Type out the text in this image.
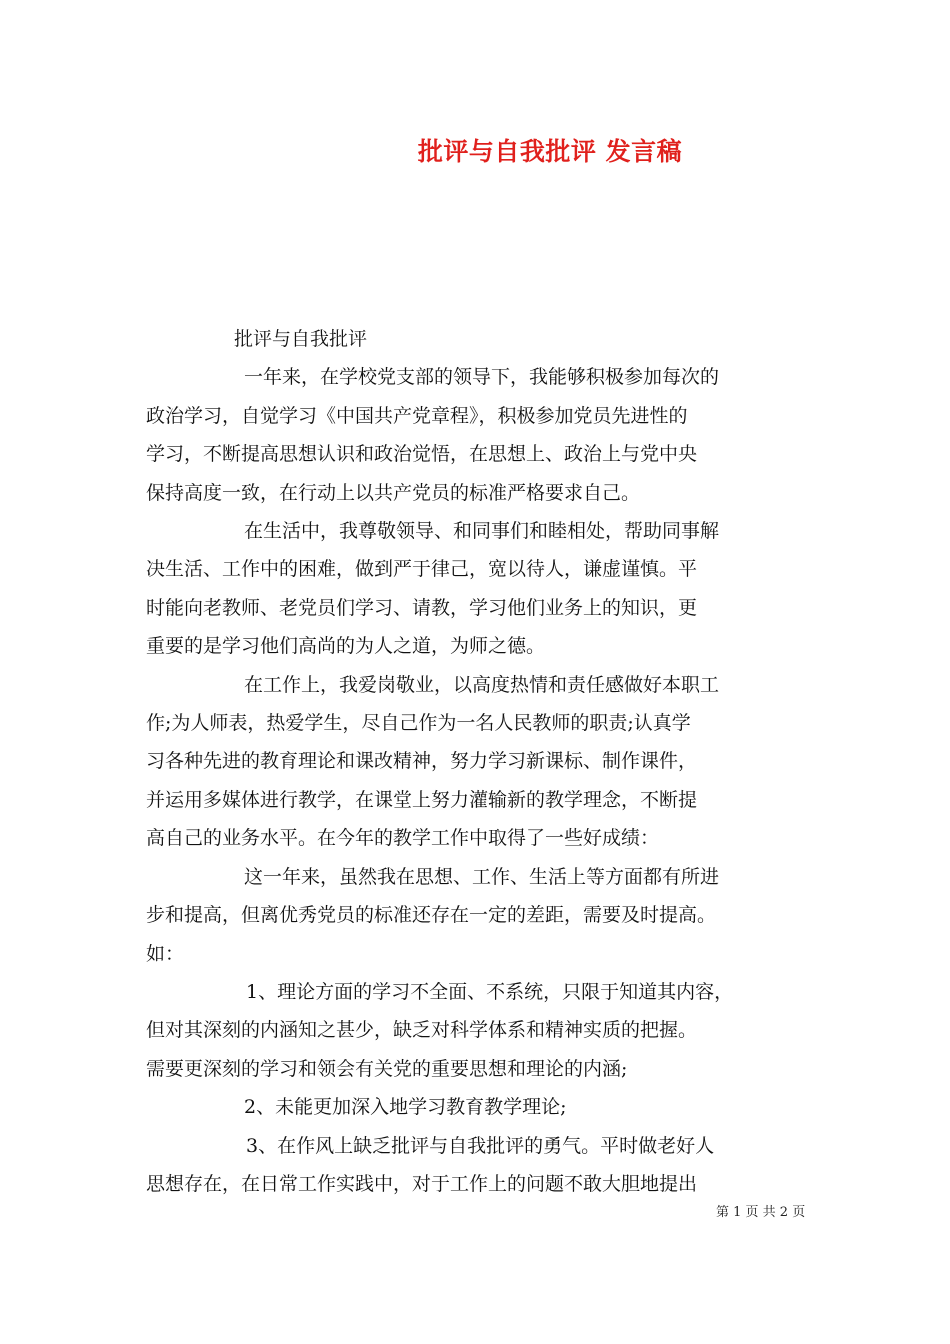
批评与自我批评 发言稿
批评与自我批评
一年来，在学校党支部的领导下，我能够积极参加每次的
政治学习，自觉学习《中国共产党章程》，积极参加党员先进性的
学习，不断提高思想认识和政治觉悟，在思想上、政治上与党中央
保持高度一致，在行动上以共产党员的标准严格要求自己。
在生活中，我尊敬领导、和同事们和睦相处，帮助同事解
决生活、工作中的困难，做到严于律己，宽以待人，谦虚谨慎。平
时能向老教师、老党员们学习、请教，学习他们业务上的知识，更
重要的是学习他们高尚的为人之道，为师之德。
在工作上，我爱岗敬业，以高度热情和责任感做好本职工
作;为人师表，热爱学生，尽自己作为一名人民教师的职责;认真学
习各种先进的教育理论和课改精神，努力学习新课标、制作课件，
并运用多媒体进行教学，在课堂上努力灌输新的教学理念，不断提
高自己的业务水平。在今年的教学工作中取得了一些好成绩：
这一年来，虽然我在思想、工作、生活上等方面都有所进
步和提高，但离优秀党员的标准还存在一定的差距，需要及时提高。
如：
1、理论方面的学习不全面、不系统，只限于知道其内容，
但对其深刻的内涵知之甚少，缺乏对科学体系和精神实质的把握。
需要更深刻的学习和领会有关党的重要思想和理论的内涵;
2、未能更加深入地学习教育教学理论;
3、在作风上缺乏批评与自我批评的勇气。平时做老好人
思想存在，在日常工作实践中，对于工作上的问题不敢大胆地提出
第 1 页 共 2 页
